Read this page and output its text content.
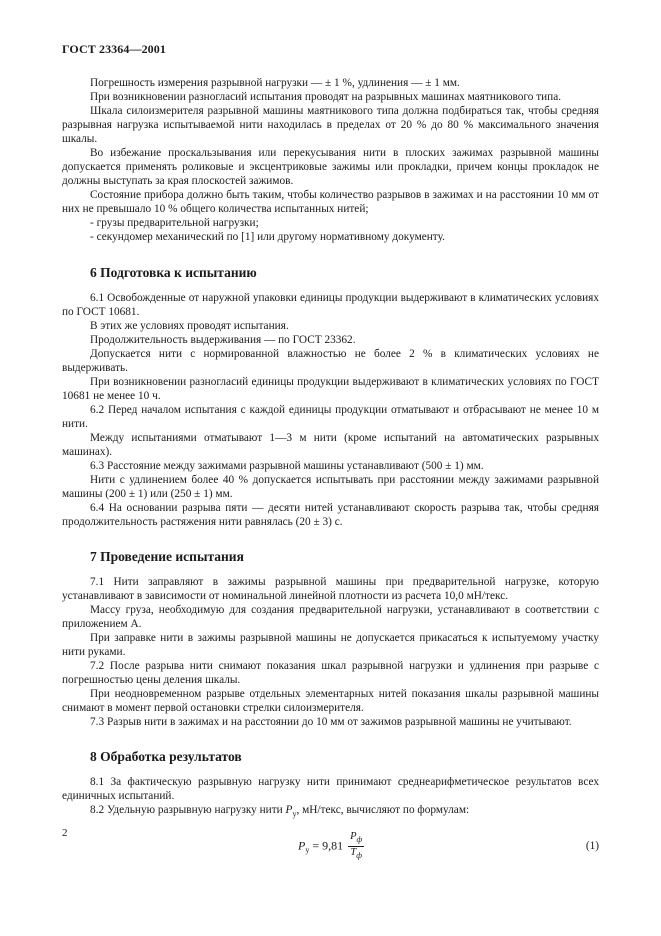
ГОСТ 23364—2001

Погрешность измерения разрывной нагрузки — ± 1 %, удлинения — ± 1 мм.

При возникновении разногласий испытания проводят на разрывных машинах маятникового типа.

Шкала силоизмерителя разрывной машины маятникового типа должна подбираться так, чтобы средняя разрывная нагрузка испытываемой нити находилась в пределах от 20 % до 80 % максимального значения шкалы.

Во избежание проскальзывания или перекусывания нити в плоских зажимах разрывной машины допускается применять роликовые и эксцентриковые зажимы или прокладки, причем концы прокладок не должны выступать за края плоскостей зажимов.

Состояние прибора должно быть таким, чтобы количество разрывов в зажимах и на расстоянии 10 мм от них не превышало 10 % общего количества испытанных нитей;

- грузы предварительной нагрузки;
- секундомер механический по [1] или другому нормативному документу.
6 Подготовка к испытанию

6.1 Освобожденные от наружной упаковки единицы продукции выдерживают в климатических условиях по ГОСТ 10681.

В этих же условиях проводят испытания.

Продолжительность выдерживания — по ГОСТ 23362.

Допускается нити с нормированной влажностью не более 2 % в климатических условиях не выдерживать.

При возникновении разногласий единицы продукции выдерживают в климатических условиях по ГОСТ 10681 не менее 10 ч.

6.2 Перед началом испытания с каждой единицы продукции отматывают и отбрасывают не менее 10 м нити.

Между испытаниями отматывают 1—3 м нити (кроме испытаний на автоматических разрывных машинах).

6.3 Расстояние между зажимами разрывной машины устанавливают (500 ± 1) мм.

Нити с удлинением более 40 % допускается испытывать при расстоянии между зажимами разрывной машины (200 ± 1) или (250 ± 1) мм.

6.4 На основании разрыва пяти — десяти нитей устанавливают скорость разрыва так, чтобы средняя продолжительность растяжения нити равнялась (20 ± 3) с.

7 Проведение испытания

7.1 Нити заправляют в зажимы разрывной машины при предварительной нагрузке, которую устанавливают в зависимости от номинальной линейной плотности из расчета 10,0 мН/текс.

Массу груза, необходимую для создания предварительной нагрузки, устанавливают в соответствии с приложением А.

При заправке нити в зажимы разрывной машины не допускается прикасаться к испытуемому участку нити руками.

7.2 После разрыва нити снимают показания шкал разрывной нагрузки и удлинения при разрыве с погрешностью цены деления шкалы.

При неодновременном разрыве отдельных элементарных нитей показания шкалы разрывной машины снимают в момент первой остановки стрелки силоизмерителя.

7.3 Разрыв нити в зажимах и на расстоянии до 10 мм от зажимов разрывной машины не учитывают.

8 Обработка результатов

8.1 За фактическую разрывную нагрузку нити принимают среднеарифметическое результатов всех единичных испытаний.

8.2 Удельную разрывную нагрузку нити $P_у$, мН/текс, вычисляют по формулам:

$P_у = 9,81 \frac{P_ф}{T_ф}$	(1)
2
